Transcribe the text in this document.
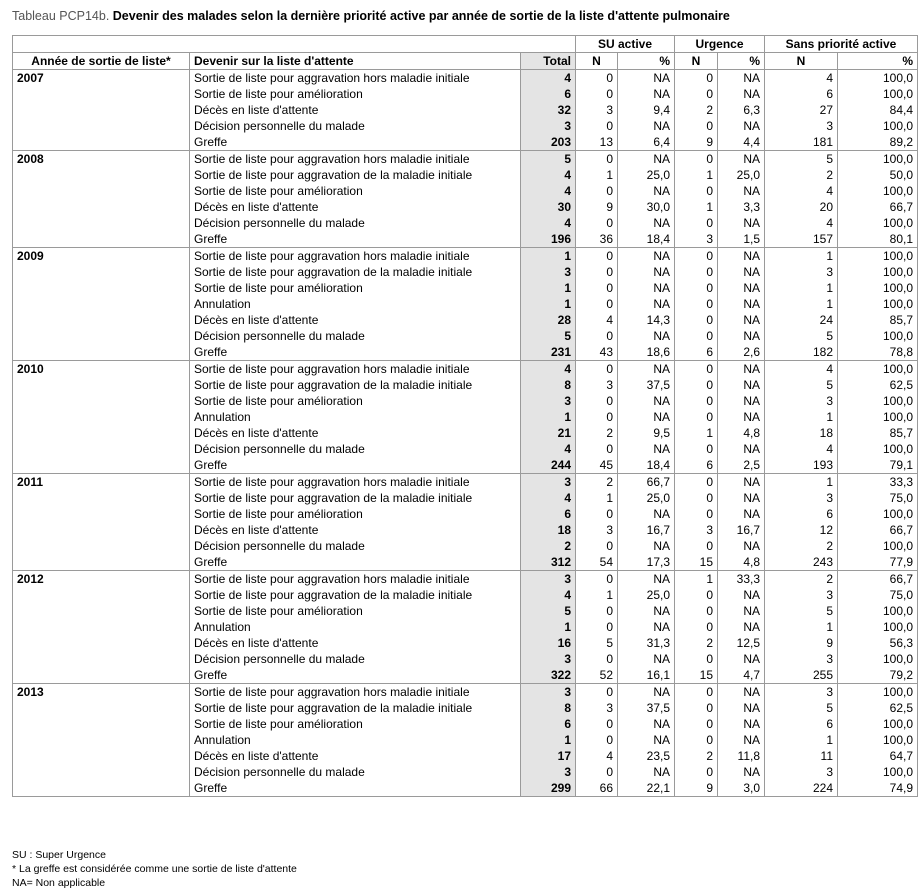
Tableau PCP14b. Devenir des malades selon la dernière priorité active par année de sortie de la liste d'attente pulmonaire
			SU active		Urgence		Sans priorité active	
Année de sortie de liste*	Devenir sur la liste d'attente	Total	N	%	N	%	N	%
2007	Sortie de liste pour aggravation hors maladie initiale	4	0	NA	0	NA	4	100,0
	Sortie de liste pour amélioration	6	0	NA	0	NA	6	100,0
	Décès en liste d'attente	32	3	9,4	2	6,3	27	84,4
	Décision personnelle du malade	3	0	NA	0	NA	3	100,0
	Greffe	203	13	6,4	9	4,4	181	89,2
2008	Sortie de liste pour aggravation hors maladie initiale	5	0	NA	0	NA	5	100,0
	Sortie de liste pour aggravation de la maladie initiale	4	1	25,0	1	25,0	2	50,0
	Sortie de liste pour amélioration	4	0	NA	0	NA	4	100,0
	Décès en liste d'attente	30	9	30,0	1	3,3	20	66,7
	Décision personnelle du malade	4	0	NA	0	NA	4	100,0
	Greffe	196	36	18,4	3	1,5	157	80,1
2009	Sortie de liste pour aggravation hors maladie initiale	1	0	NA	0	NA	1	100,0
	Sortie de liste pour aggravation de la maladie initiale	3	0	NA	0	NA	3	100,0
	Sortie de liste pour amélioration	1	0	NA	0	NA	1	100,0
	Annulation	1	0	NA	0	NA	1	100,0
	Décès en liste d'attente	28	4	14,3	0	NA	24	85,7
	Décision personnelle du malade	5	0	NA	0	NA	5	100,0
	Greffe	231	43	18,6	6	2,6	182	78,8
2010	Sortie de liste pour aggravation hors maladie initiale	4	0	NA	0	NA	4	100,0
	Sortie de liste pour aggravation de la maladie initiale	8	3	37,5	0	NA	5	62,5
	Sortie de liste pour amélioration	3	0	NA	0	NA	3	100,0
	Annulation	1	0	NA	0	NA	1	100,0
	Décès en liste d'attente	21	2	9,5	1	4,8	18	85,7
	Décision personnelle du malade	4	0	NA	0	NA	4	100,0
	Greffe	244	45	18,4	6	2,5	193	79,1
2011	Sortie de liste pour aggravation hors maladie initiale	3	2	66,7	0	NA	1	33,3
	Sortie de liste pour aggravation de la maladie initiale	4	1	25,0	0	NA	3	75,0
	Sortie de liste pour amélioration	6	0	NA	0	NA	6	100,0
	Décès en liste d'attente	18	3	16,7	3	16,7	12	66,7
	Décision personnelle du malade	2	0	NA	0	NA	2	100,0
	Greffe	312	54	17,3	15	4,8	243	77,9
2012	Sortie de liste pour aggravation hors maladie initiale	3	0	NA	1	33,3	2	66,7
	Sortie de liste pour aggravation de la maladie initiale	4	1	25,0	0	NA	3	75,0
	Sortie de liste pour amélioration	5	0	NA	0	NA	5	100,0
	Annulation	1	0	NA	0	NA	1	100,0
	Décès en liste d'attente	16	5	31,3	2	12,5	9	56,3
	Décision personnelle du malade	3	0	NA	0	NA	3	100,0
	Greffe	322	52	16,1	15	4,7	255	79,2
2013	Sortie de liste pour aggravation hors maladie initiale	3	0	NA	0	NA	3	100,0
	Sortie de liste pour aggravation de la maladie initiale	8	3	37,5	0	NA	5	62,5
	Sortie de liste pour amélioration	6	0	NA	0	NA	6	100,0
	Annulation	1	0	NA	0	NA	1	100,0
	Décès en liste d'attente	17	4	23,5	2	11,8	11	64,7
	Décision personnelle du malade	3	0	NA	0	NA	3	100,0
	Greffe	299	66	22,1	9	3,0	224	74,9
SU : Super Urgence
* La greffe est considérée comme une sortie de liste d'attente
NA= Non applicable
